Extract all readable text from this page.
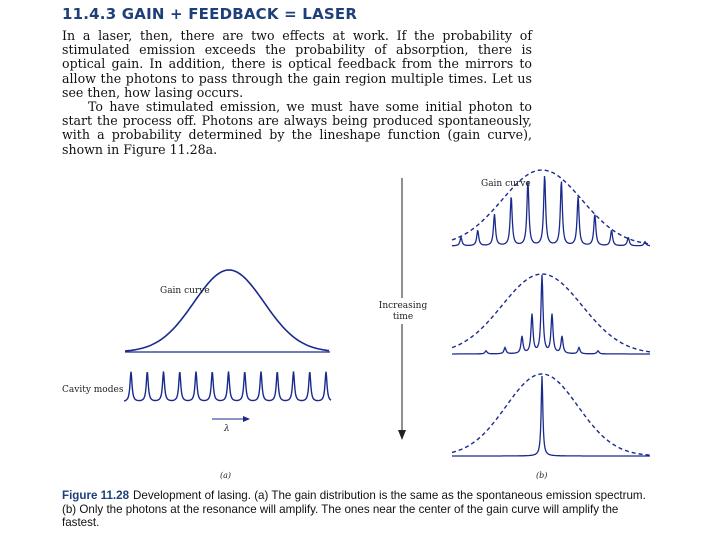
11.4.3 GAIN + FEEDBACK = LASER

In a laser, then, there are two effects at work. If the probability of stimulated emission exceeds the probability of absorption, there is optical gain. In addition, there is optical feedback from the mirrors to allow the photons to pass through the gain region multiple times. Let us see then, how lasing occurs.

To have stimulated emission, we must have some initial photon to start the process off. Photons are always being produced spontaneously, with a probability determined by the lineshape function (gain curve), shown in Figure 11.28a.

Gain curve
Cavity modes
λ
(a)
Increasing
time
Gain curve
(b)
Figure 11.28 Development of lasing. (a) The gain distribution is the same as the spontaneous emission spectrum. (b) Only the photons at the resonance will amplify. The ones near the center of the gain curve will amplify the fastest.
